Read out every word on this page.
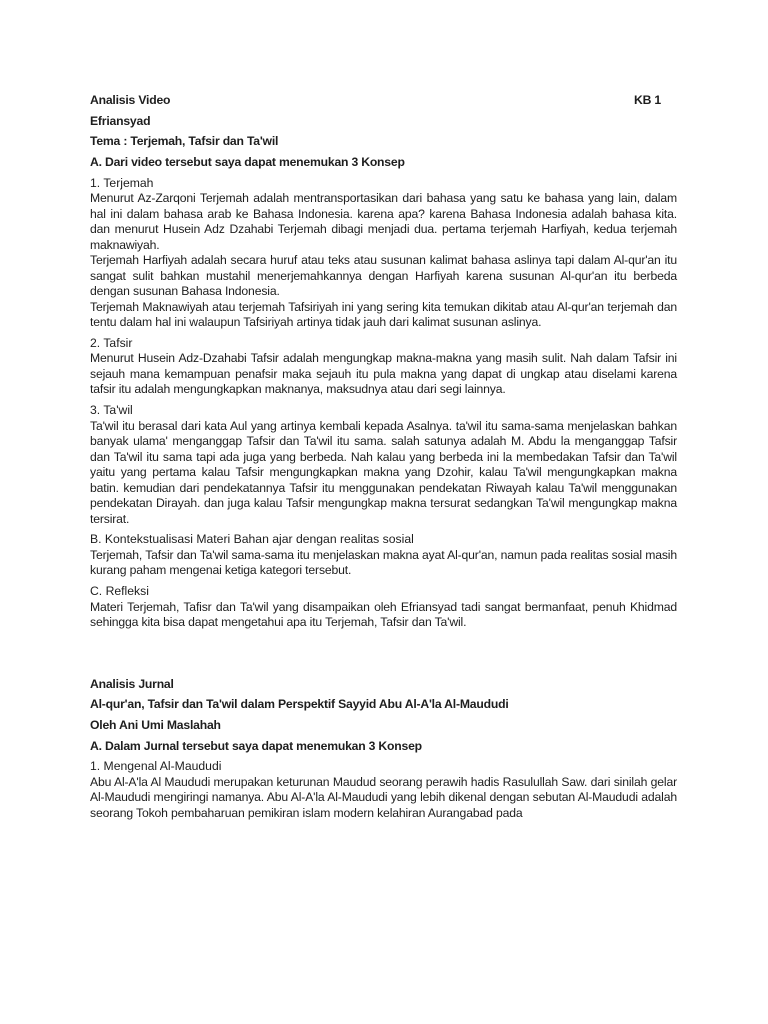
Analisis Video	KB 1
Efriansyad
Tema : Terjemah, Tafsir dan Ta'wil
A. Dari video tersebut saya dapat menemukan 3 Konsep
1. Terjemah

Menurut Az-Zarqoni Terjemah adalah mentransportasikan dari bahasa yang satu ke bahasa yang lain, dalam hal ini dalam bahasa arab ke Bahasa Indonesia. karena apa? karena Bahasa Indonesia adalah bahasa kita. dan menurut Husein Adz Dzahabi Terjemah dibagi menjadi dua. pertama terjemah Harfiyah, kedua terjemah maknawiyah.

Terjemah Harfiyah adalah secara huruf atau teks atau susunan kalimat bahasa aslinya tapi dalam Al-qur'an itu sangat sulit bahkan mustahil menerjemahkannya dengan Harfiyah karena susunan Al-qur'an itu berbeda dengan susunan Bahasa Indonesia.

Terjemah Maknawiyah atau terjemah Tafsiriyah ini yang sering kita temukan dikitab atau Al-qur'an terjemah dan tentu dalam hal ini walaupun Tafsiriyah artinya tidak jauh dari kalimat susunan aslinya.

2. Tafsir

Menurut Husein Adz-Dzahabi Tafsir adalah mengungkap makna-makna yang masih sulit. Nah dalam Tafsir ini sejauh mana kemampuan penafsir maka sejauh itu pula makna yang dapat di ungkap atau diselami karena tafsir itu adalah mengungkapkan maknanya, maksudnya atau dari segi lainnya.

3. Ta'wil

Ta'wil itu berasal dari kata Aul yang artinya kembali kepada Asalnya. ta'wil itu sama-sama menjelaskan bahkan banyak ulama' menganggap Tafsir dan Ta'wil itu sama. salah satunya adalah M. Abdu la menganggap Tafsir dan Ta'wil itu sama tapi ada juga yang berbeda. Nah kalau yang berbeda ini la membedakan Tafsir dan Ta'wil yaitu yang pertama kalau Tafsir mengungkapkan makna yang Dzohir, kalau Ta'wil mengungkapkan makna batin. kemudian dari pendekatannya Tafsir itu menggunakan pendekatan Riwayah kalau Ta'wil menggunakan pendekatan Dirayah. dan juga kalau Tafsir mengungkap makna tersurat sedangkan Ta'wil mengungkap makna tersirat.

B. Kontekstualisasi Materi Bahan ajar dengan realitas sosial

Terjemah, Tafsir dan Ta'wil sama-sama itu menjelaskan makna ayat Al-qur'an, namun pada realitas sosial masih kurang paham mengenai ketiga kategori tersebut.

C. Refleksi

Materi Terjemah, Tafisr dan Ta'wil yang disampaikan oleh Efriansyad tadi sangat bermanfaat, penuh Khidmad sehingga kita bisa dapat mengetahui apa itu Terjemah, Tafsir dan Ta'wil.

Analisis Jurnal
Al-qur'an, Tafsir dan Ta'wil dalam Perspektif Sayyid Abu Al-A'la Al-Maududi
Oleh Ani Umi Maslahah
A. Dalam Jurnal tersebut saya dapat menemukan 3 Konsep
1. Mengenal Al-Maududi

Abu Al-A'la Al Maududi merupakan keturunan Maudud seorang perawih hadis Rasulullah Saw. dari sinilah gelar Al-Maududi mengiringi namanya. Abu Al-A'la Al-Maududi yang lebih dikenal dengan sebutan Al-Maududi adalah seorang Tokoh pembaharuan pemikiran islam modern kelahiran Aurangabad pada
